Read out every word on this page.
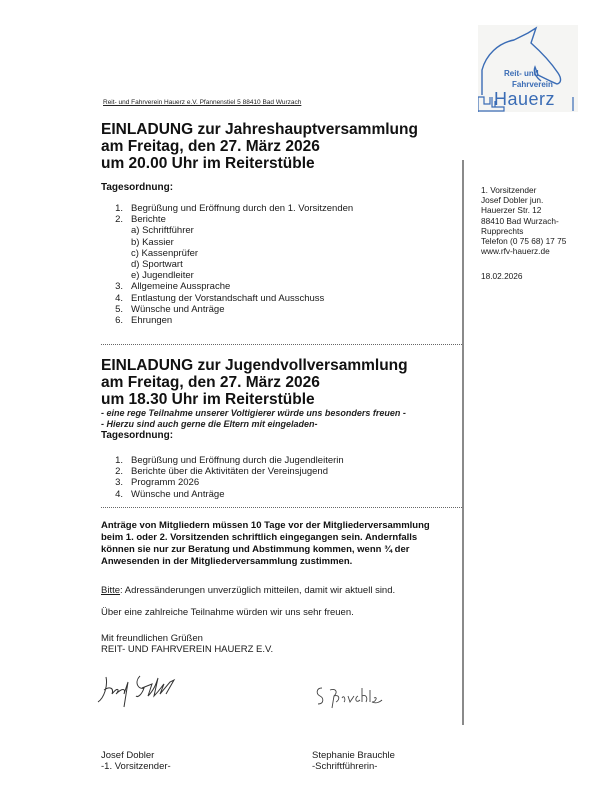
Reit- und
Fahrverein
Hauerz
Reit- und Fahrverein Hauerz e.V. Pfannenstiel 5 88410 Bad Wurzach
EINLADUNG zur Jahreshauptversammlung
am Freitag, den 27. März 2026
um 20.00 Uhr im Reiterstüble
Tagesordnung:
1. Begrüßung und Eröffnung durch den 1. Vorsitzenden
2. Berichte
a) Schriftführer
b) Kassier
c) Kassenprüfer
d) Sportwart
e) Jugendleiter
3. Allgemeine Aussprache
4. Entlastung der Vorstandschaft und Ausschuss
5. Wünsche und Anträge
6. Ehrungen
EINLADUNG zur Jugendvollversammlung
am Freitag, den 27. März 2026
um 18.30 Uhr im Reiterstüble
- eine rege Teilnahme unserer Voltigierer würde uns besonders freuen -
- Hierzu sind auch gerne die Eltern mit eingeladen-
Tagesordnung:
1. Begrüßung und Eröffnung durch die Jugendleiterin
2. Berichte über die Aktivitäten der Vereinsjugend
3. Programm 2026
4. Wünsche und Anträge
Anträge von Mitgliedern müssen 10 Tage vor der Mitgliederversammlung
beim 1. oder 2. Vorsitzenden schriftlich eingegangen sein. Andernfalls
können sie nur zur Beratung und Abstimmung kommen, wenn ¾ der
Anwesenden in der Mitgliederversammlung zustimmen.
Bitte: Adressänderungen unverzüglich mitteilen, damit wir aktuell sind.
Über eine zahlreiche Teilnahme würden wir uns sehr freuen.
Mit freundlichen Grüßen
REIT- UND FAHRVEREIN HAUERZ E.V.
Josef Dobler
-1. Vorsitzender-
Stephanie Brauchle
-Schriftführerin-
1. Vorsitzender
Josef Dobler jun.
Hauerzer Str. 12
88410 Bad Wurzach-
Rupprechts
Telefon (0 75 68) 17 75
www.rfv-hauerz.de
18.02.2026
